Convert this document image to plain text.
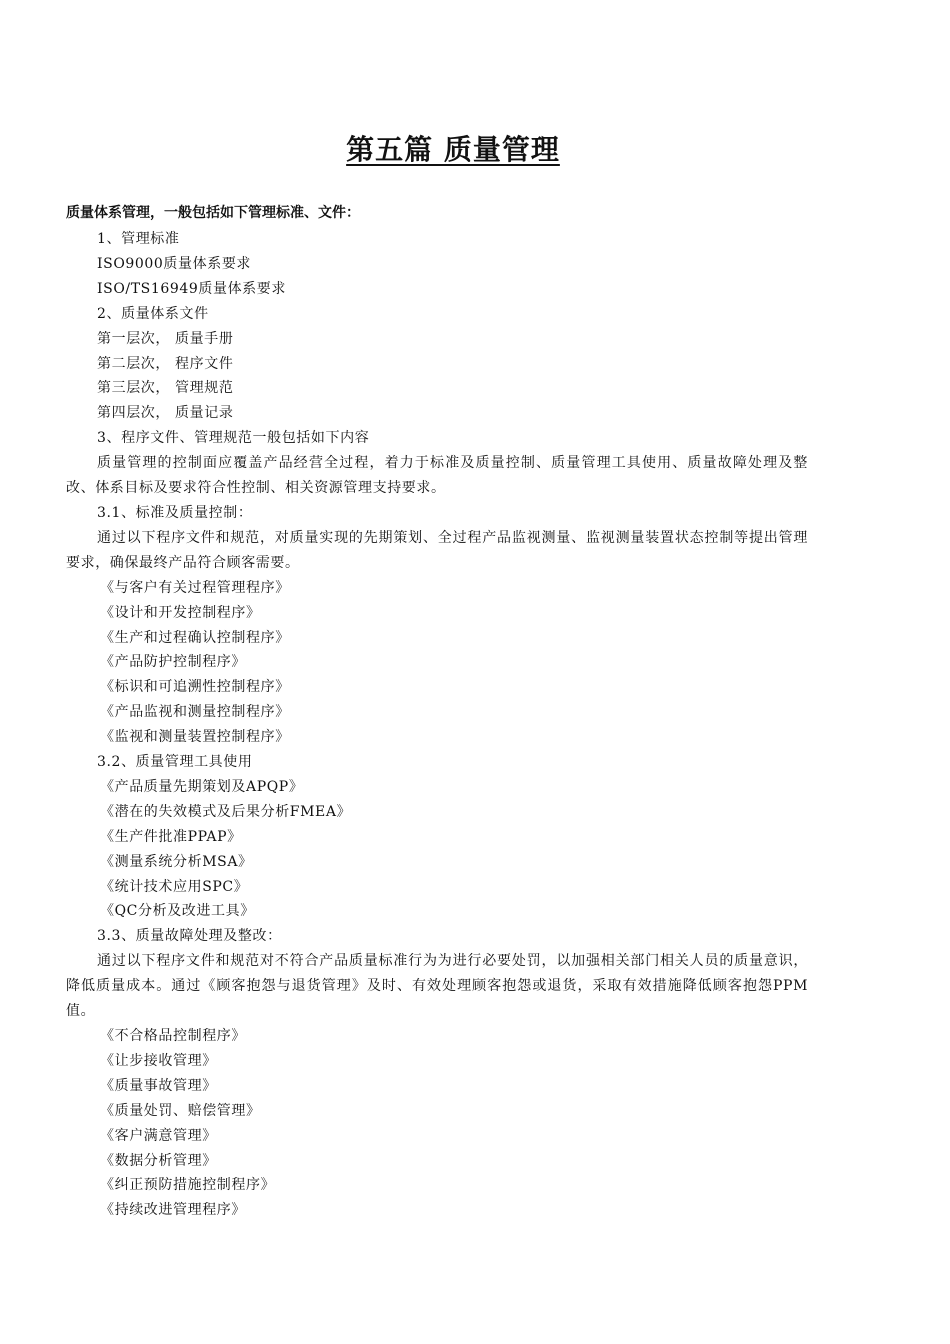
第五篇 质量管理
质量体系管理，一般包括如下管理标准、文件：
1、管理标准
ISO9000质量体系要求
ISO/TS16949质量体系要求
2、质量体系文件
第一层次， 质量手册
第二层次， 程序文件
第三层次， 管理规范
第四层次， 质量记录
3、程序文件、管理规范一般包括如下内容
质量管理的控制面应覆盖产品经营全过程，着力于标准及质量控制、质量管理工具使用、质量故障处理及整改、体系目标及要求符合性控制、相关资源管理支持要求。
3.1、标准及质量控制：
通过以下程序文件和规范，对质量实现的先期策划、全过程产品监视测量、监视测量装置状态控制等提出管理要求，确保最终产品符合顾客需要。
《与客户有关过程管理程序》
《设计和开发控制程序》
《生产和过程确认控制程序》
《产品防护控制程序》
《标识和可追溯性控制程序》
《产品监视和测量控制程序》
《监视和测量装置控制程序》
3.2、质量管理工具使用
《产品质量先期策划及APQP》
《潜在的失效模式及后果分析FMEA》
《生产件批准PPAP》
《测量系统分析MSA》
《统计技术应用SPC》
《QC分析及改进工具》
3.3、质量故障处理及整改：
通过以下程序文件和规范对不符合产品质量标准行为为进行必要处罚，以加强相关部门相关人员的质量意识，降低质量成本。通过《顾客抱怨与退货管理》及时、有效处理顾客抱怨或退货，采取有效措施降低顾客抱怨PPM值。
《不合格品控制程序》
《让步接收管理》
《质量事故管理》
《质量处罚、赔偿管理》
《客户满意管理》
《数据分析管理》
《纠正预防措施控制程序》
《持续改进管理程序》
